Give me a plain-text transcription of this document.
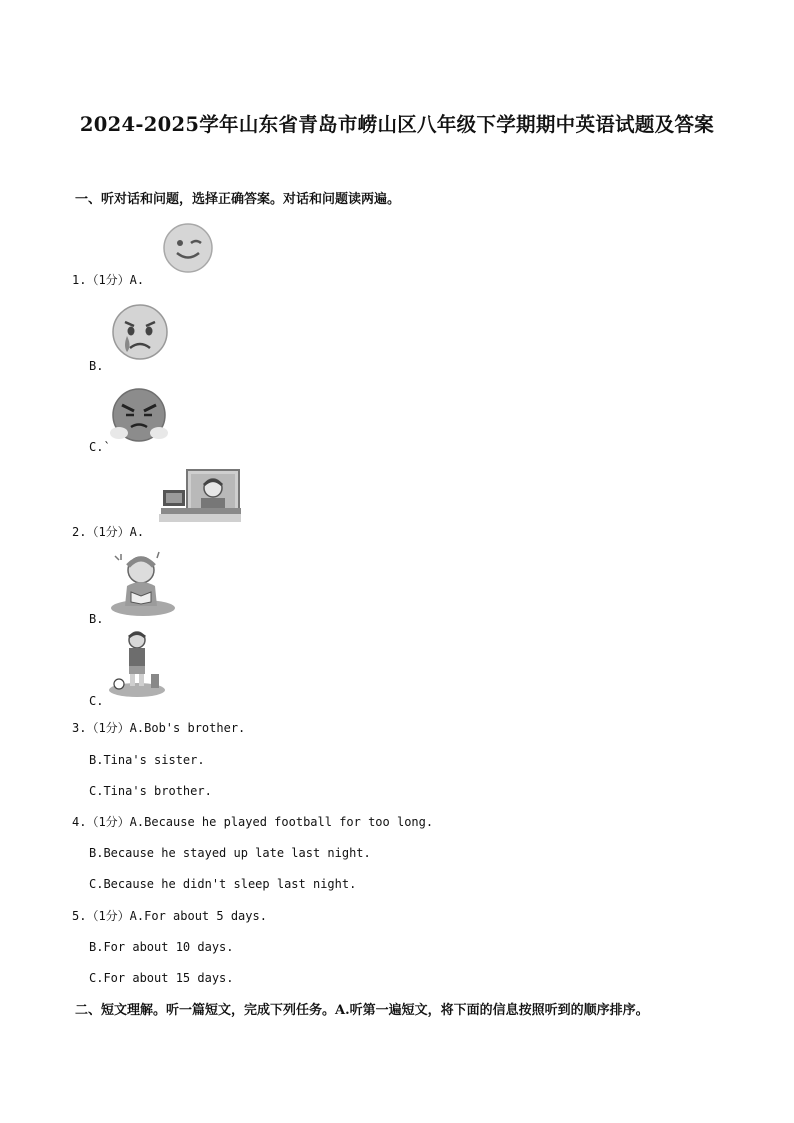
2024-2025学年山东省青岛市崂山区八年级下学期期中英语试题及答案
一、听对话和问题，选择正确答案。对话和问题读两遍。
1.（1分）A.
B.
C.`
2.（1分）A.
B.
C.
3.（1分）A.Bob's brother.
B.Tina's sister.
C.Tina's brother.
4.（1分）A.Because he played football for too long.
B.Because he stayed up late last night.
C.Because he didn't sleep last night.
5.（1分）A.For about 5 days.
B.For about 10 days.
C.For about 15 days.
二、短文理解。听一篇短文，完成下列任务。A.听第一遍短文，将下面的信息按照听到的顺序排序。
